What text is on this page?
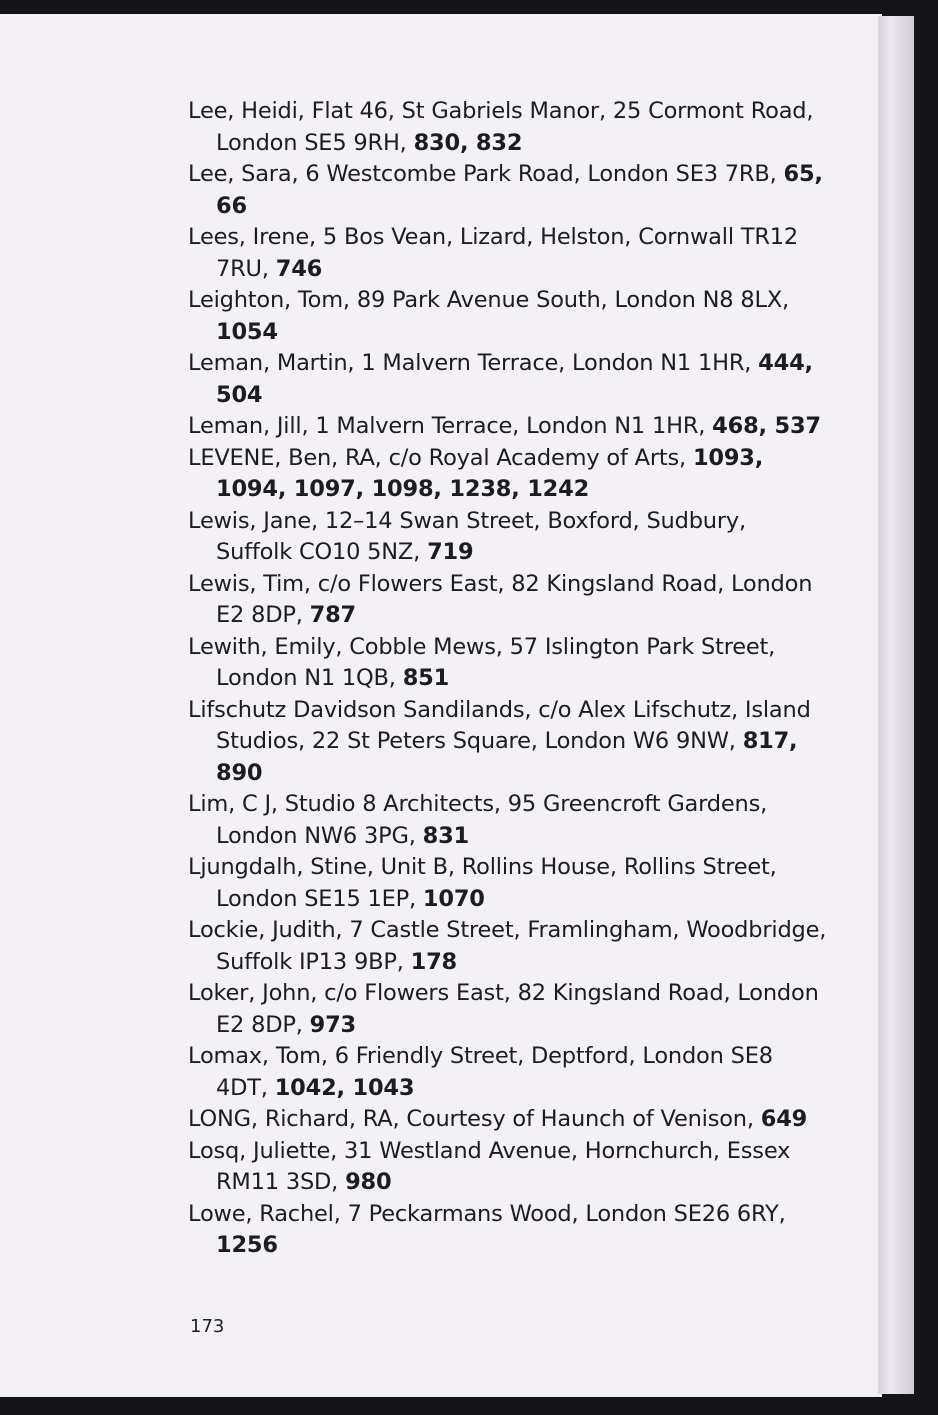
Lee, Heidi, Flat 46, St Gabriels Manor, 25 Cormont Road, London SE5 9RH, 830, 832

Lee, Sara, 6 Westcombe Park Road, London SE3 7RB, 65, 66

Lees, Irene, 5 Bos Vean, Lizard, Helston, Cornwall TR12 7RU, 746

Leighton, Tom, 89 Park Avenue South, London N8 8LX, 1054

Leman, Martin, 1 Malvern Terrace, London N1 1HR, 444, 504

Leman, Jill, 1 Malvern Terrace, London N1 1HR, 468, 537

LEVENE, Ben, RA, c/o Royal Academy of Arts, 1093, 1094, 1097, 1098, 1238, 1242

Lewis, Jane, 12–14 Swan Street, Boxford, Sudbury, Suffolk CO10 5NZ, 719

Lewis, Tim, c/o Flowers East, 82 Kingsland Road, London E2 8DP, 787

Lewith, Emily, Cobble Mews, 57 Islington Park Street, London N1 1QB, 851

Lifschutz Davidson Sandilands, c/o Alex Lifschutz, Island Studios, 22 St Peters Square, London W6 9NW, 817, 890

Lim, C J, Studio 8 Architects, 95 Greencroft Gardens, London NW6 3PG, 831

Ljungdalh, Stine, Unit B, Rollins House, Rollins Street, London SE15 1EP, 1070

Lockie, Judith, 7 Castle Street, Framlingham, Woodbridge, Suffolk IP13 9BP, 178

Loker, John, c/o Flowers East, 82 Kingsland Road, London E2 8DP, 973

Lomax, Tom, 6 Friendly Street, Deptford, London SE8 4DT, 1042, 1043

LONG, Richard, RA, Courtesy of Haunch of Venison, 649

Losq, Juliette, 31 Westland Avenue, Hornchurch, Essex RM11 3SD, 980

Lowe, Rachel, 7 Peckarmans Wood, London SE26 6RY, 1256

173
